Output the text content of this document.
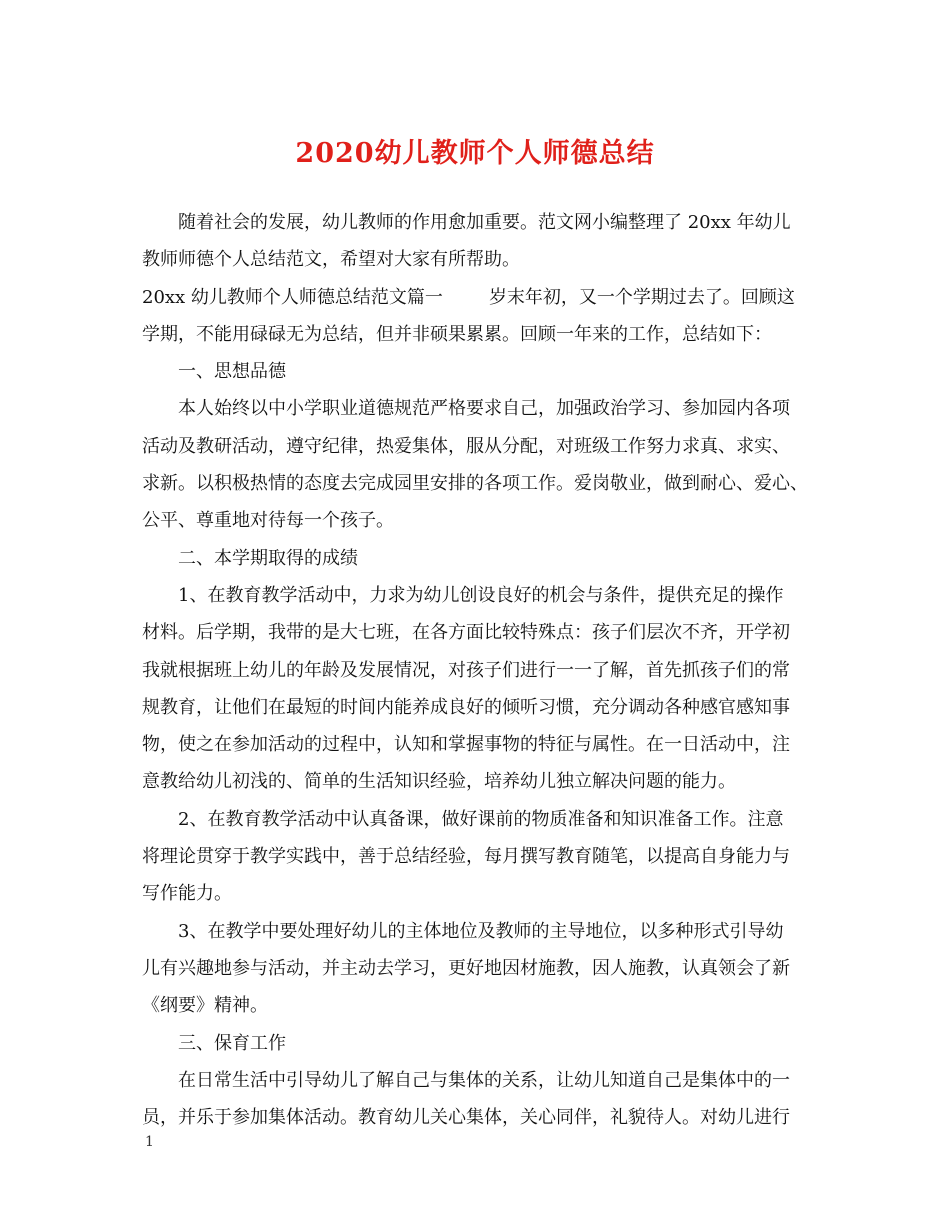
2020幼儿教师个人师德总结
随着社会的发展，幼儿教师的作用愈加重要。范文网小编整理了 20xx 年幼儿
教师师德个人总结范文，希望对大家有所帮助。
20xx 幼儿教师个人师德总结范文篇一	岁末年初，又一个学期过去了。回顾这
学期，不能用碌碌无为总结，但并非硕果累累。回顾一年来的工作，总结如下：
一、思想品德
本人始终以中小学职业道德规范严格要求自己，加强政治学习、参加园内各项
活动及教研活动，遵守纪律，热爱集体，服从分配，对班级工作努力求真、求实、
求新。以积极热情的态度去完成园里安排的各项工作。爱岗敬业，做到耐心、爱心、
公平、尊重地对待每一个孩子。
二、本学期取得的成绩
1、在教育教学活动中，力求为幼儿创设良好的机会与条件，提供充足的操作
材料。后学期，我带的是大七班，在各方面比较特殊点：孩子们层次不齐，开学初
我就根据班上幼儿的年龄及发展情况，对孩子们进行一一了解，首先抓孩子们的常
规教育，让他们在最短的时间内能养成良好的倾听习惯，充分调动各种感官感知事
物，使之在参加活动的过程中，认知和掌握事物的特征与属性。在一日活动中，注
意教给幼儿初浅的、简单的生活知识经验，培养幼儿独立解决问题的能力。
2、在教育教学活动中认真备课，做好课前的物质准备和知识准备工作。注意
将理论贯穿于教学实践中，善于总结经验，每月撰写教育随笔，以提高自身能力与
写作能力。
3、在教学中要处理好幼儿的主体地位及教师的主导地位，以多种形式引导幼
儿有兴趣地参与活动，并主动去学习，更好地因材施教，因人施教，认真领会了新
《纲要》精神。
三、保育工作
在日常生活中引导幼儿了解自己与集体的关系，让幼儿知道自己是集体中的一
员，并乐于参加集体活动。教育幼儿关心集体，关心同伴，礼貌待人。对幼儿进行
1
